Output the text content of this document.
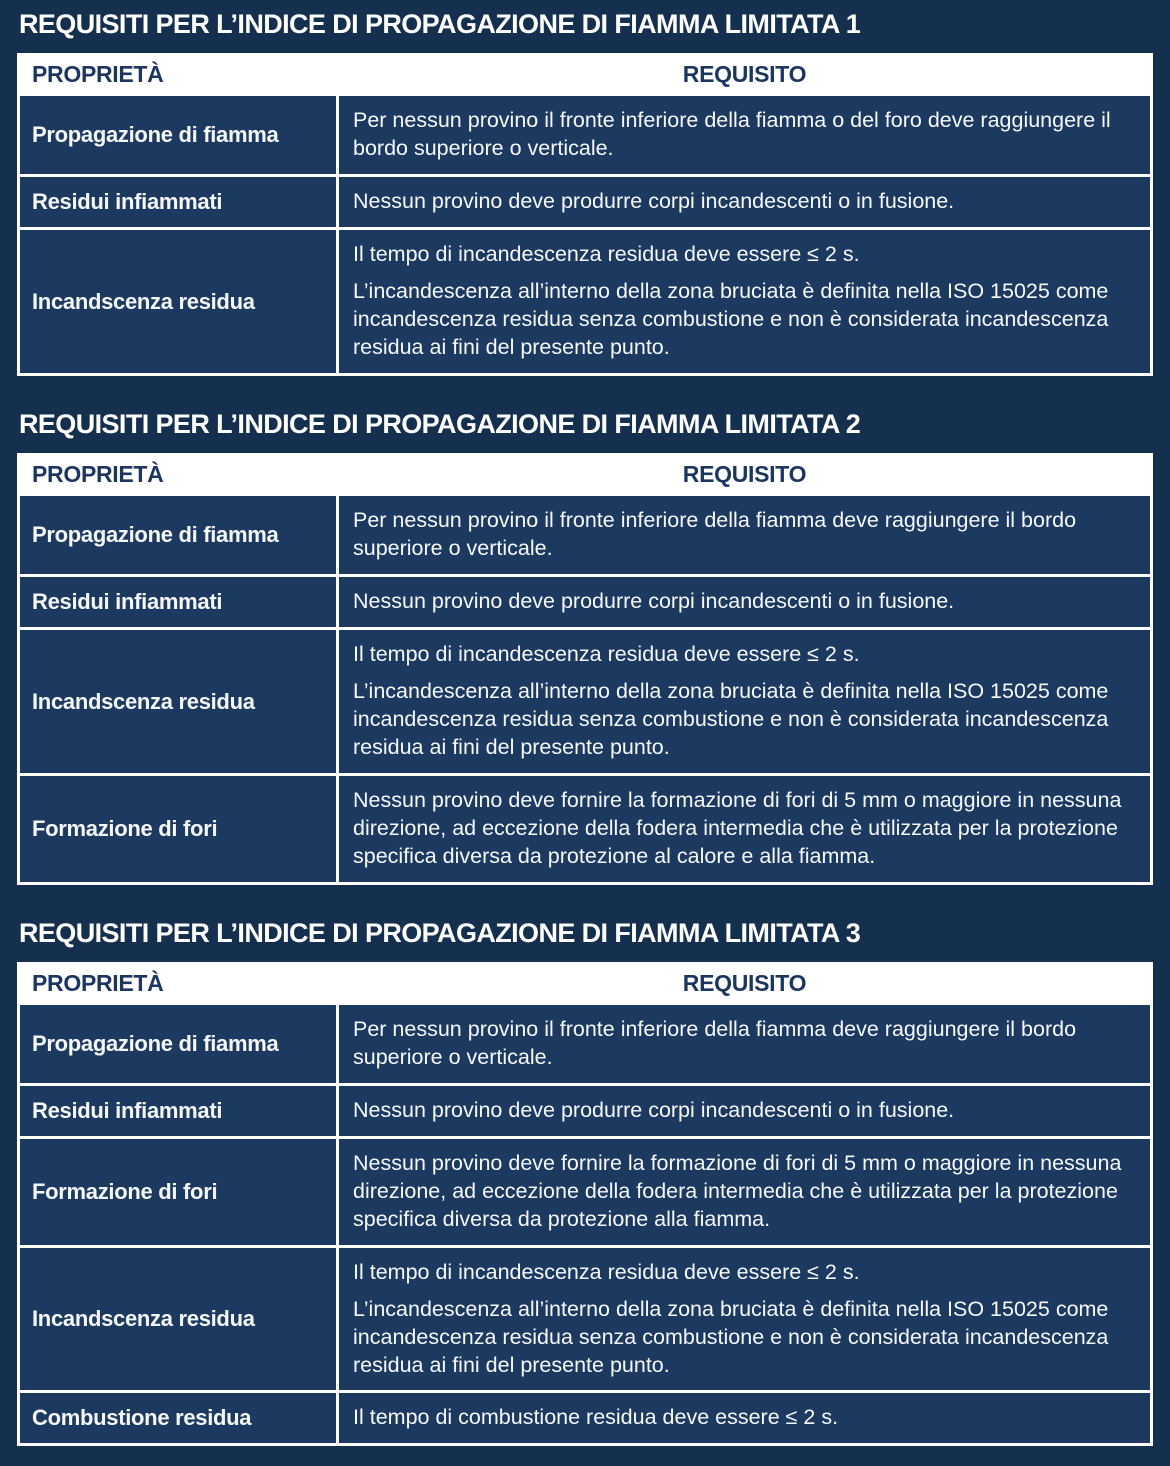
REQUISITI PER L’INDICE DI PROPAGAZIONE DI FIAMMA LIMITATA 1
PROPRIETÀ	REQUISITO
Propagazione di fiamma	Per nessun provino il fronte inferiore della fiamma o del foro deve raggiungere il bordo superiore o verticale.

Residui infiammati	Nessun provino deve produrre corpi incandescenti o in fusione.

Incandscenza residua	Il tempo di incandescenza residua deve essere ≤ 2 s.

L’incandescenza all’interno della zona bruciata è definita nella ISO 15025 come incandescenza residua senza combustione e non è considerata incandescenza residua ai fini del presente punto.

REQUISITI PER L’INDICE DI PROPAGAZIONE DI FIAMMA LIMITATA 2
PROPRIETÀ	REQUISITO
Propagazione di fiamma	Per nessun provino il fronte inferiore della fiamma deve raggiungere il bordo superiore o verticale.

Residui infiammati	Nessun provino deve produrre corpi incandescenti o in fusione.

Incandscenza residua	Il tempo di incandescenza residua deve essere ≤ 2 s.

L’incandescenza all’interno della zona bruciata è definita nella ISO 15025 come incandescenza residua senza combustione e non è considerata incandescenza residua ai fini del presente punto.

Formazione di fori	Nessun provino deve fornire la formazione di fori di 5 mm o maggiore in nessuna direzione, ad eccezione della fodera intermedia che è utilizzata per la protezione specifica diversa da protezione al calore e alla fiamma.

REQUISITI PER L’INDICE DI PROPAGAZIONE DI FIAMMA LIMITATA 3
PROPRIETÀ	REQUISITO
Propagazione di fiamma	Per nessun provino il fronte inferiore della fiamma deve raggiungere il bordo superiore o verticale.

Residui infiammati	Nessun provino deve produrre corpi incandescenti o in fusione.

Formazione di fori	Nessun provino deve fornire la formazione di fori di 5 mm o maggiore in nessuna direzione, ad eccezione della fodera intermedia che è utilizzata per la protezione specifica diversa da protezione alla fiamma.

Incandscenza residua	Il tempo di incandescenza residua deve essere ≤ 2 s.

L’incandescenza all’interno della zona bruciata è definita nella ISO 15025 come incandescenza residua senza combustione e non è considerata incandescenza residua ai fini del presente punto.

Combustione residua	Il tempo di combustione residua deve essere ≤ 2 s.
